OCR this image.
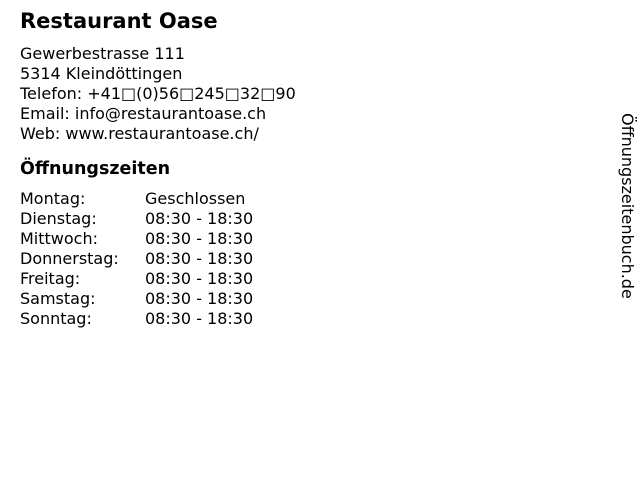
Restaurant Oase
Gewerbestrasse 111
5314 Kleindöttingen
Telefon: +41□(0)56□245□32□90
Email: info@restaurantoase.ch
Web: www.restaurantoase.ch/
Öffnungszeiten
Montag:	Geschlossen
Dienstag:	08:30 - 18:30
Mittwoch:	08:30 - 18:30
Donnerstag:	08:30 - 18:30
Freitag:	08:30 - 18:30
Samstag:	08:30 - 18:30
Sonntag:	08:30 - 18:30
Öffnungszeitenbuch.de
